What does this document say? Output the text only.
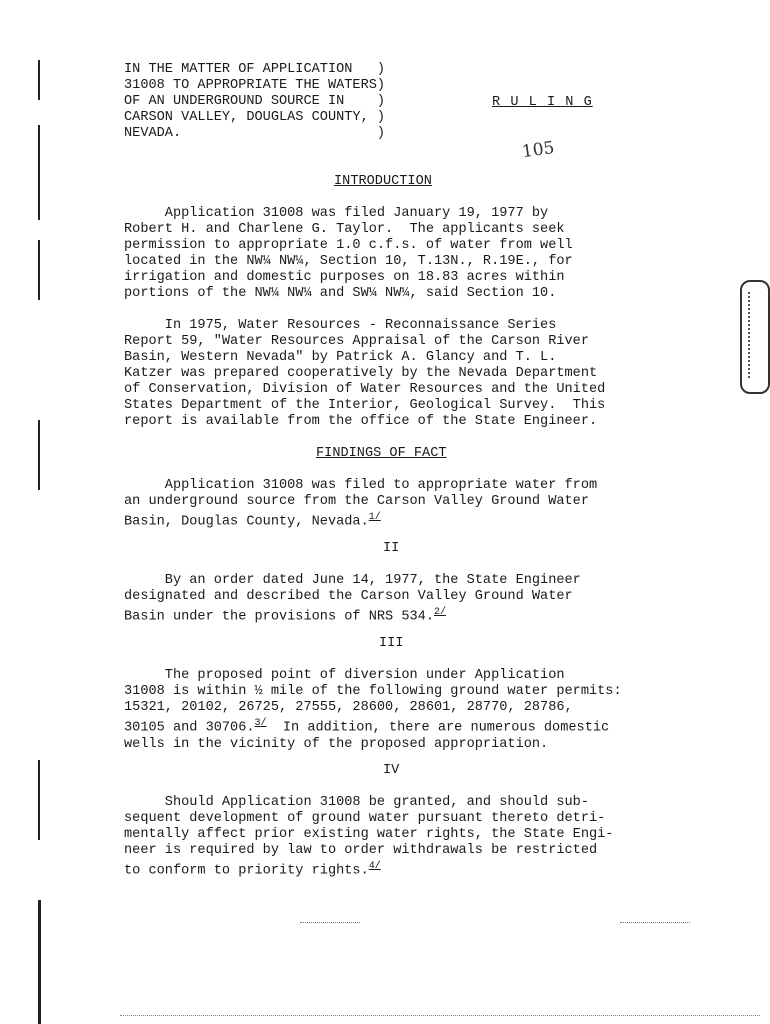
IN THE MATTER OF APPLICATION   )
31008 TO APPROPRIATE THE WATERS)
OF AN UNDERGROUND SOURCE IN    )
CARSON VALLEY, DOUGLAS COUNTY, )
NEVADA.                        )
R U L I N G
105
INTRODUCTION
Application 31008 was filed January 19, 1977 by
Robert H. and Charlene G. Taylor.  The applicants seek
permission to appropriate 1.0 c.f.s. of water from well
located in the NW¼ NW¼, Section 10, T.13N., R.19E., for
irrigation and domestic purposes on 18.83 acres within
portions of the NW¼ NW¼ and SW¼ NW¼, said Section 10.
In 1975, Water Resources - Reconnaissance Series
Report 59, "Water Resources Appraisal of the Carson River
Basin, Western Nevada" by Patrick A. Glancy and T. L.
Katzer was prepared cooperatively by the Nevada Department
of Conservation, Division of Water Resources and the United
States Department of the Interior, Geological Survey.  This
report is available from the office of the State Engineer.
FINDINGS OF FACT
Application 31008 was filed to appropriate water from
an underground source from the Carson Valley Ground Water
Basin, Douglas County, Nevada.$^{1/}$
II
By an order dated June 14, 1977, the State Engineer
designated and described the Carson Valley Ground Water
Basin under the provisions of NRS 534.$^{2/}$
III
The proposed point of diversion under Application
31008 is within ½ mile of the following ground water permits:
15321, 20102, 26725, 27555, 28600, 28601, 28770, 28786,
30105 and 30706.$^{3/}$  In addition, there are numerous domestic
wells in the vicinity of the proposed appropriation.
IV
Should Application 31008 be granted, and should sub-
sequent development of ground water pursuant thereto detri-
mentally affect prior existing water rights, the State Engi-
neer is required by law to order withdrawals be restricted
to conform to priority rights.$^{4/}$
